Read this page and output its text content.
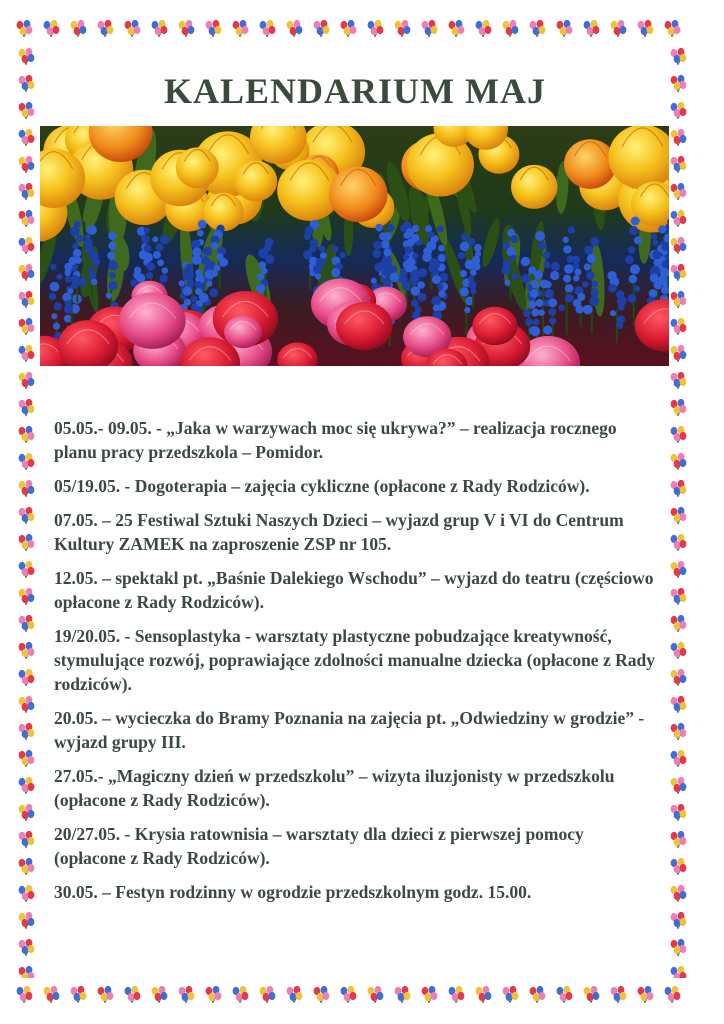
KALENDARIUM MAJ
05.05.- 09.05. - „Jaka w warzywach moc się ukrywa?” – realizacja rocznego planu pracy przedszkola – Pomidor.
05/19.05. - Dogoterapia – zajęcia cykliczne (opłacone z Rady Rodziców).
07.05. – 25 Festiwal Sztuki Naszych Dzieci – wyjazd grup V i VI do Centrum Kultury ZAMEK na zaproszenie ZSP nr 105.
12.05. – spektakl pt. „Baśnie Dalekiego Wschodu” – wyjazd do teatru (częściowo opłacone z Rady Rodziców).
19/20.05. - Sensoplastyka - warsztaty plastyczne pobudzające kreatywność, stymulujące rozwój, poprawiające zdolności manualne dziecka (opłacone z Rady rodziców).
20.05. – wycieczka do Bramy Poznania na zajęcia pt. „Odwiedziny w grodzie” - wyjazd grupy III.
27.05.- „Magiczny dzień w przedszkolu” – wizyta iluzjonisty w przedszkolu (opłacone z Rady Rodziców).
20/27.05. - Krysia ratownisia – warsztaty dla dzieci z pierwszej pomocy (opłacone z Rady Rodziców).
30.05. – Festyn rodzinny w ogrodzie przedszkolnym godz. 15.00.
